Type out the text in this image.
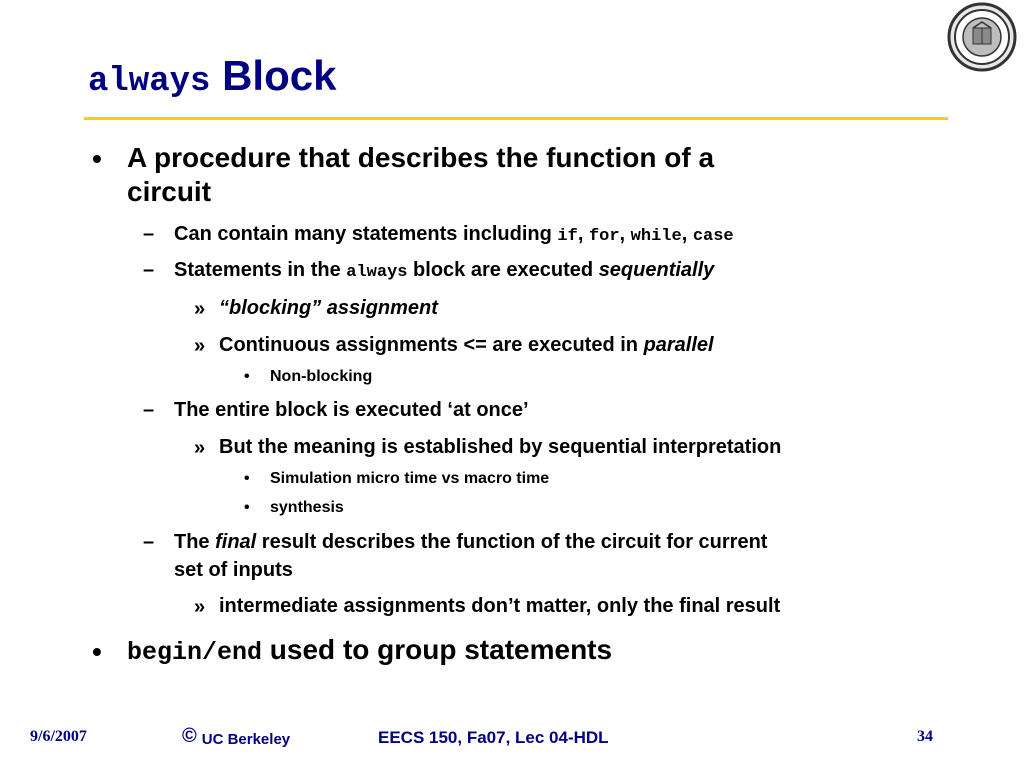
always Block
• A procedure that describes the function of a
circuit
– Can contain many statements including if, for, while, case
– Statements in the always block are executed sequentially
» “blocking” assignment
» Continuous assignments <= are executed in parallel
• Non-blocking
– The entire block is executed ‘at once’
» But the meaning is established by sequential interpretation
• Simulation micro time vs macro time
• synthesis
– The final result describes the function of the circuit for current
set of inputs
» intermediate assignments don’t matter, only the final result
• begin/end used to group statements
9/6/2007	© UC Berkeley	EECS 150, Fa07, Lec 04-HDL	34
